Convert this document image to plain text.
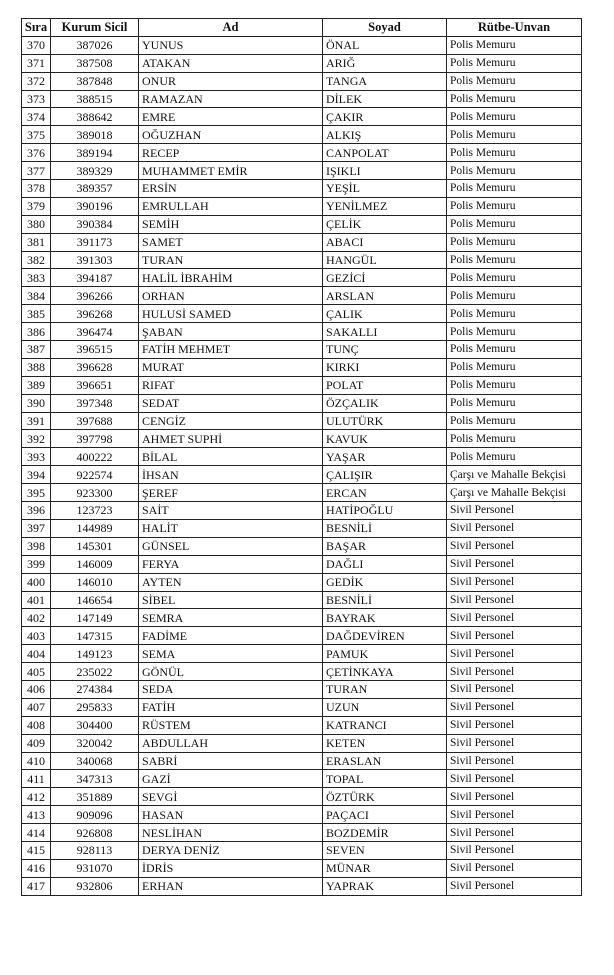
Sıra	Kurum Sicil	Ad	Soyad	Rütbe-Unvan
370	387026	YUNUS	ÖNAL	Polis Memuru
371	387508	ATAKAN	ARIĞ	Polis Memuru
372	387848	ONUR	TANGA	Polis Memuru
373	388515	RAMAZAN	DİLEK	Polis Memuru
374	388642	EMRE	ÇAKIR	Polis Memuru
375	389018	OĞUZHAN	ALKIŞ	Polis Memuru
376	389194	RECEP	CANPOLAT	Polis Memuru
377	389329	MUHAMMET EMİR	IŞIKLI	Polis Memuru
378	389357	ERSİN	YEŞİL	Polis Memuru
379	390196	EMRULLAH	YENİLMEZ	Polis Memuru
380	390384	SEMİH	ÇELİK	Polis Memuru
381	391173	SAMET	ABACI	Polis Memuru
382	391303	TURAN	HANGÜL	Polis Memuru
383	394187	HALİL İBRAHİM	GEZİCİ	Polis Memuru
384	396266	ORHAN	ARSLAN	Polis Memuru
385	396268	HULUSİ SAMED	ÇALIK	Polis Memuru
386	396474	ŞABAN	SAKALLI	Polis Memuru
387	396515	FATİH MEHMET	TUNÇ	Polis Memuru
388	396628	MURAT	KIRKI	Polis Memuru
389	396651	RIFAT	POLAT	Polis Memuru
390	397348	SEDAT	ÖZÇALIK	Polis Memuru
391	397688	CENGİZ	ULUTÜRK	Polis Memuru
392	397798	AHMET SUPHİ	KAVUK	Polis Memuru
393	400222	BİLAL	YAŞAR	Polis Memuru
394	922574	İHSAN	ÇALIŞIR	Çarşı ve Mahalle Bekçisi
395	923300	ŞEREF	ERCAN	Çarşı ve Mahalle Bekçisi
396	123723	SAİT	HATİPOĞLU	Sivil Personel
397	144989	HALİT	BESNİLİ	Sivil Personel
398	145301	GÜNSEL	BAŞAR	Sivil Personel
399	146009	FERYA	DAĞLI	Sivil Personel
400	146010	AYTEN	GEDİK	Sivil Personel
401	146654	SİBEL	BESNİLİ	Sivil Personel
402	147149	SEMRA	BAYRAK	Sivil Personel
403	147315	FADİME	DAĞDEVİREN	Sivil Personel
404	149123	SEMA	PAMUK	Sivil Personel
405	235022	GÖNÜL	ÇETİNKAYA	Sivil Personel
406	274384	SEDA	TURAN	Sivil Personel
407	295833	FATİH	UZUN	Sivil Personel
408	304400	RÜSTEM	KATRANCI	Sivil Personel
409	320042	ABDULLAH	KETEN	Sivil Personel
410	340068	SABRİ	ERASLAN	Sivil Personel
411	347313	GAZİ	TOPAL	Sivil Personel
412	351889	SEVGİ	ÖZTÜRK	Sivil Personel
413	909096	HASAN	PAÇACI	Sivil Personel
414	926808	NESLİHAN	BOZDEMİR	Sivil Personel
415	928113	DERYA DENİZ	SEVEN	Sivil Personel
416	931070	İDRİS	MÜNAR	Sivil Personel
417	932806	ERHAN	YAPRAK	Sivil Personel
